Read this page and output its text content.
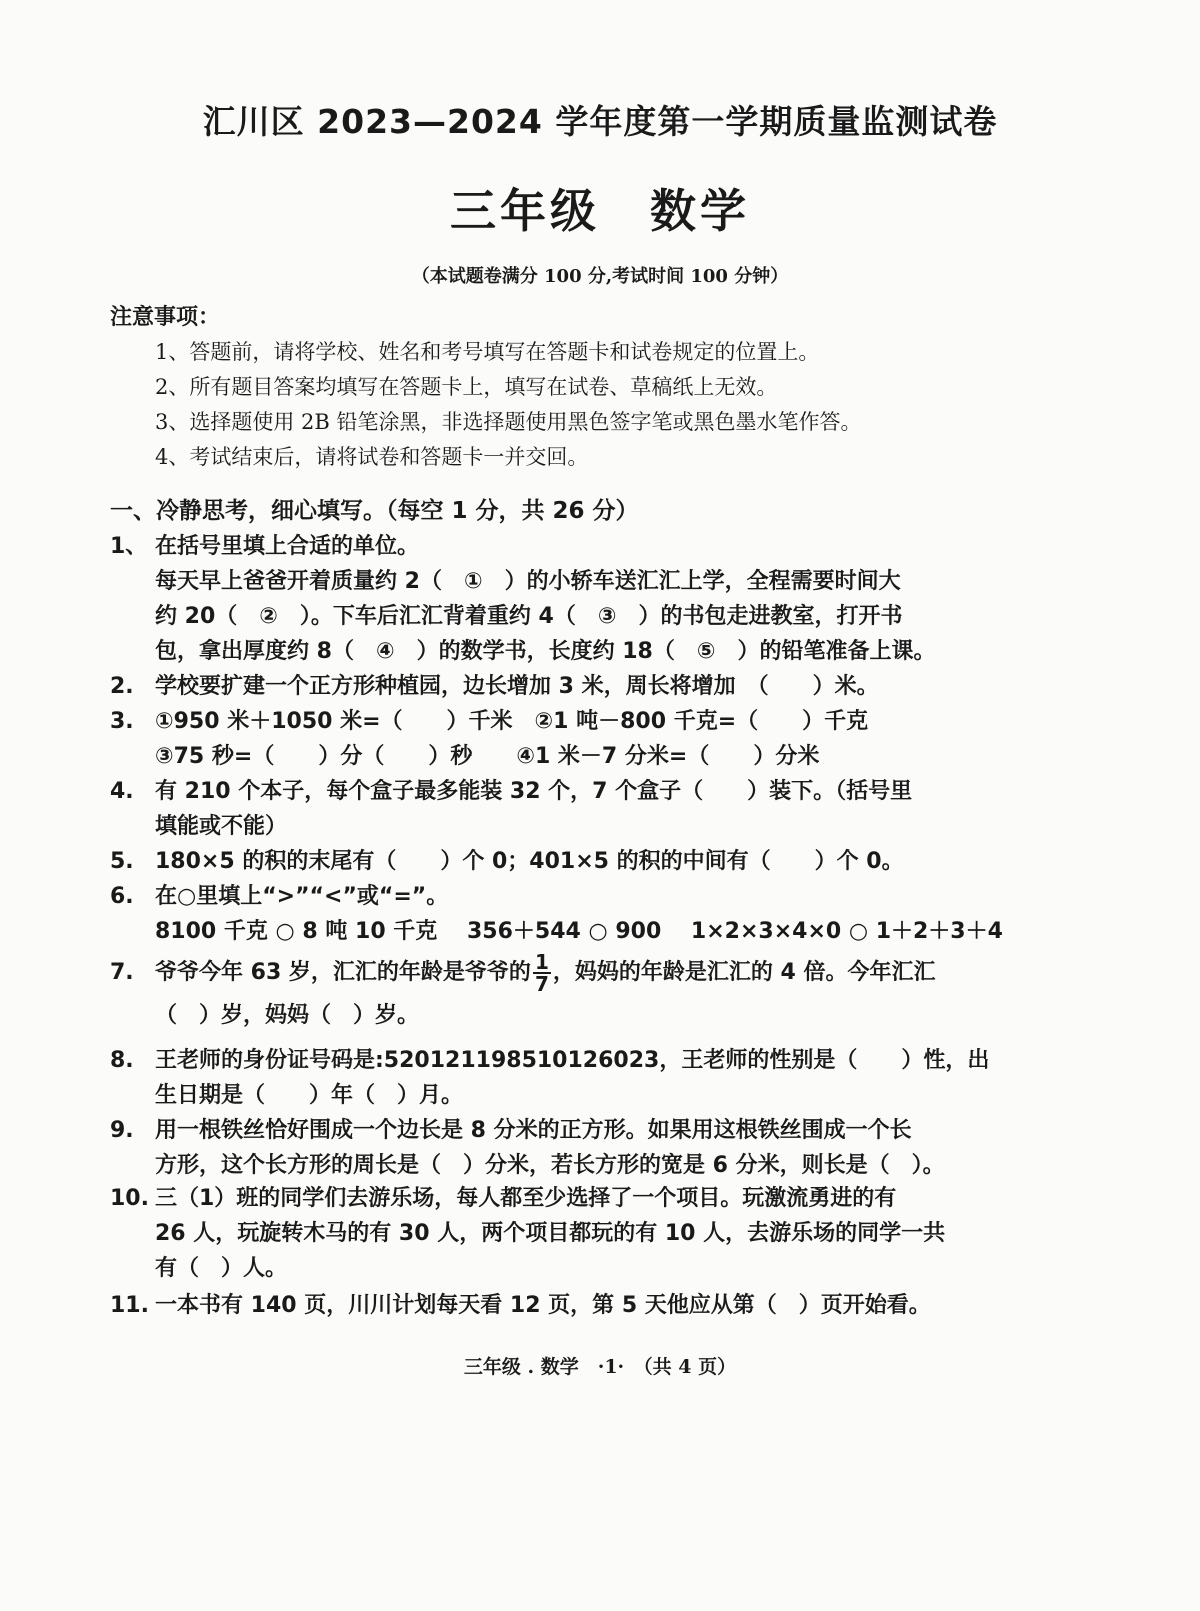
汇川区 2023—2024 学年度第一学期质量监测试卷
三年级　数学
（本试题卷满分 100 分,考试时间 100 分钟）
注意事项：
1、答题前，请将学校、姓名和考号填写在答题卡和试卷规定的位置上。
2、所有题目答案均填写在答题卡上，填写在试卷、草稿纸上无效。
3、选择题使用 2B 铅笔涂黑，非选择题使用黑色签字笔或黑色墨水笔作答。
4、考试结束后，请将试卷和答题卡一并交回。
一、冷静思考，细心填写。（每空 1 分，共 26 分）
1、 在括号里填上合适的单位。
每天早上爸爸开着质量约 2（　①　）的小轿车送汇汇上学，全程需要时间大
约 20（　②　）。下车后汇汇背着重约 4（　③　）的书包走进教室，打开书
包，拿出厚度约 8（　④　）的数学书，长度约 18（　⑤　）的铅笔准备上课。
2. 学校要扩建一个正方形种植园，边长增加 3 米，周长将增加　（　　）米。
3. ①950 米＋1050 米=（　　）千米　②1 吨－800 千克=（　　）千克
③75 秒=（　　）分（　　）秒　　④1 米－7 分米=（　　）分米
4. 有 210 个本子，每个盒子最多能装 32 个，7 个盒子（　　）装下。（括号里
填能或不能）
5. 180×5 的积的末尾有（　　）个 0；401×5 的积的中间有（　　）个 0。
6. 在○里填上“>”“<”或“=”。
8100 千克 ○ 8 吨 10 千克　 356＋544 ○ 900　 1×2×3×4×0 ○ 1＋2＋3＋4
7. 爷爷今年 63 岁，汇汇的年龄是爷爷的 $\frac{1}{7}$ ，妈妈的年龄是汇汇的 4 倍。今年汇汇
（　）岁，妈妈（　）岁。
8. 王老师的身份证号码是:520121198510126023，王老师的性别是（　　）性，出
生日期是（　　）年（　）月。
9. 用一根铁丝恰好围成一个边长是 8 分米的正方形。如果用这根铁丝围成一个长
方形，这个长方形的周长是（　）分米，若长方形的宽是 6 分米，则长是（　）。
10. 三（1）班的同学们去游乐场，每人都至少选择了一个项目。玩激流勇进的有
26 人，玩旋转木马的有 30 人，两个项目都玩的有 10 人，去游乐场的同学一共
有（　）人。
11. 一本书有 140 页，川川计划每天看 12 页，第 5 天他应从第（　）页开始看。
三年级 . 数学　·1·　（共 4 页）
